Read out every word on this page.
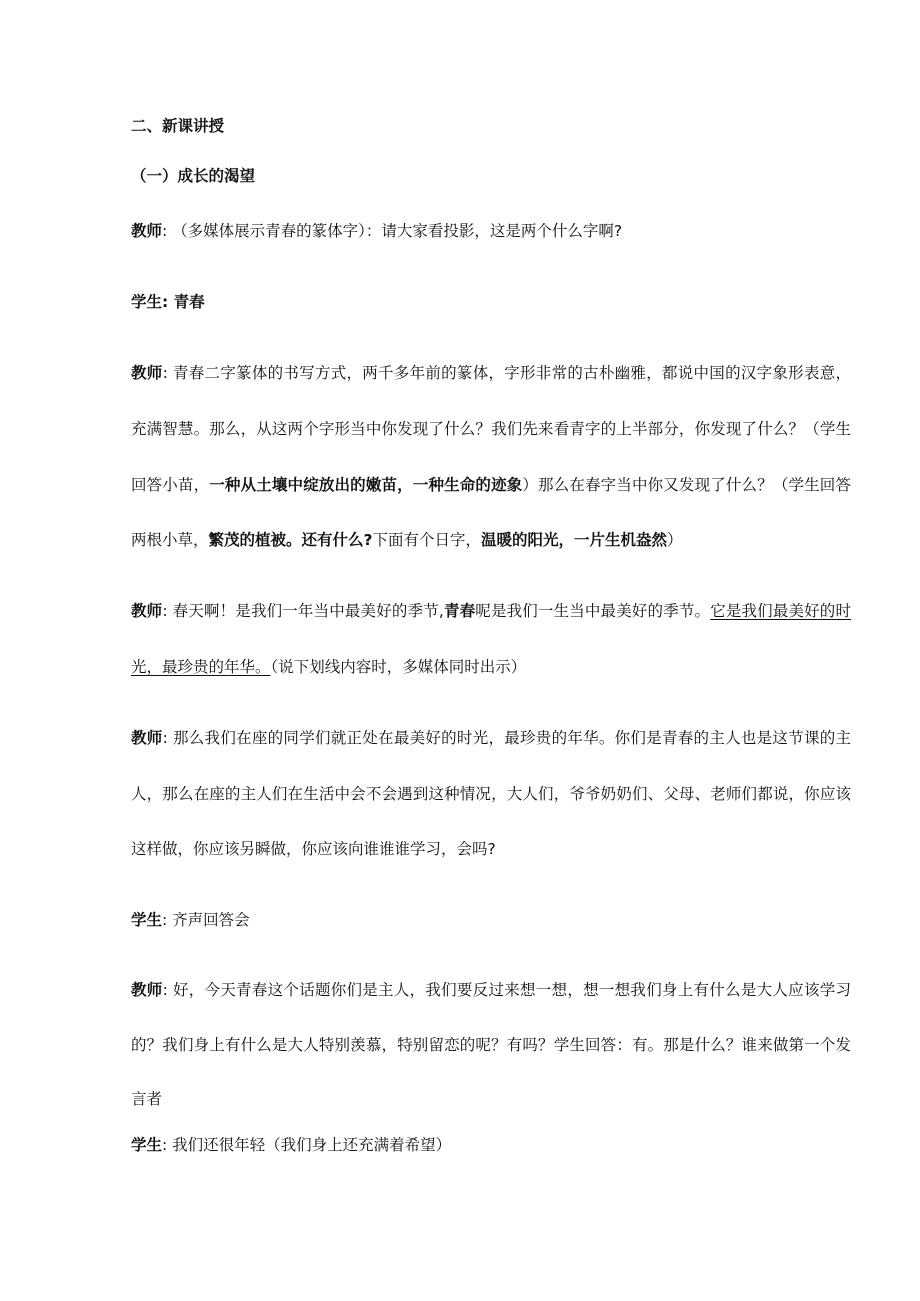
二、新课讲授
（一）成长的渴望
教师: （多媒体展示青春的篆体字）：请大家看投影，这是两个什么字啊?
学生: 青春
教师: 青春二字篆体的书写方式，两千多年前的篆体，字形非常的古朴幽雅，都说中国的汉字象形表意，
充满智慧。那么，从这两个字形当中你发现了什么？我们先来看青字的上半部分，你发现了什么？（学生
回答小苗，一种从土壤中绽放出的嫩苗，一种生命的迹象）那么在春字当中你又发现了什么？（学生回答
两根小草，繁茂的植被。还有什么?下面有个日字，温暖的阳光，一片生机盎然）
教师: 春天啊！是我们一年当中最美好的季节,青春呢是我们一生当中最美好的季节。它是我们最美好的时
光，最珍贵的年华。（说下划线内容时，多媒体同时出示）
教师: 那么我们在座的同学们就正处在最美好的时光，最珍贵的年华。你们是青春的主人也是这节课的主
人，那么在座的主人们在生活中会不会遇到这种情况，大人们，爷爷奶奶们、父母、老师们都说，你应该
这样做，你应该另瞬做，你应该向谁谁谁学习，会吗?
学生: 齐声回答会
教师: 好，今天青春这个话题你们是主人，我们要反过来想一想，想一想我们身上有什么是大人应该学习
的？我们身上有什么是大人特别羡慕，特别留恋的呢？有吗？学生回答：有。那是什么？谁来做第一个发
言者
学生: 我们还很年轻（我们身上还充满着希望）
